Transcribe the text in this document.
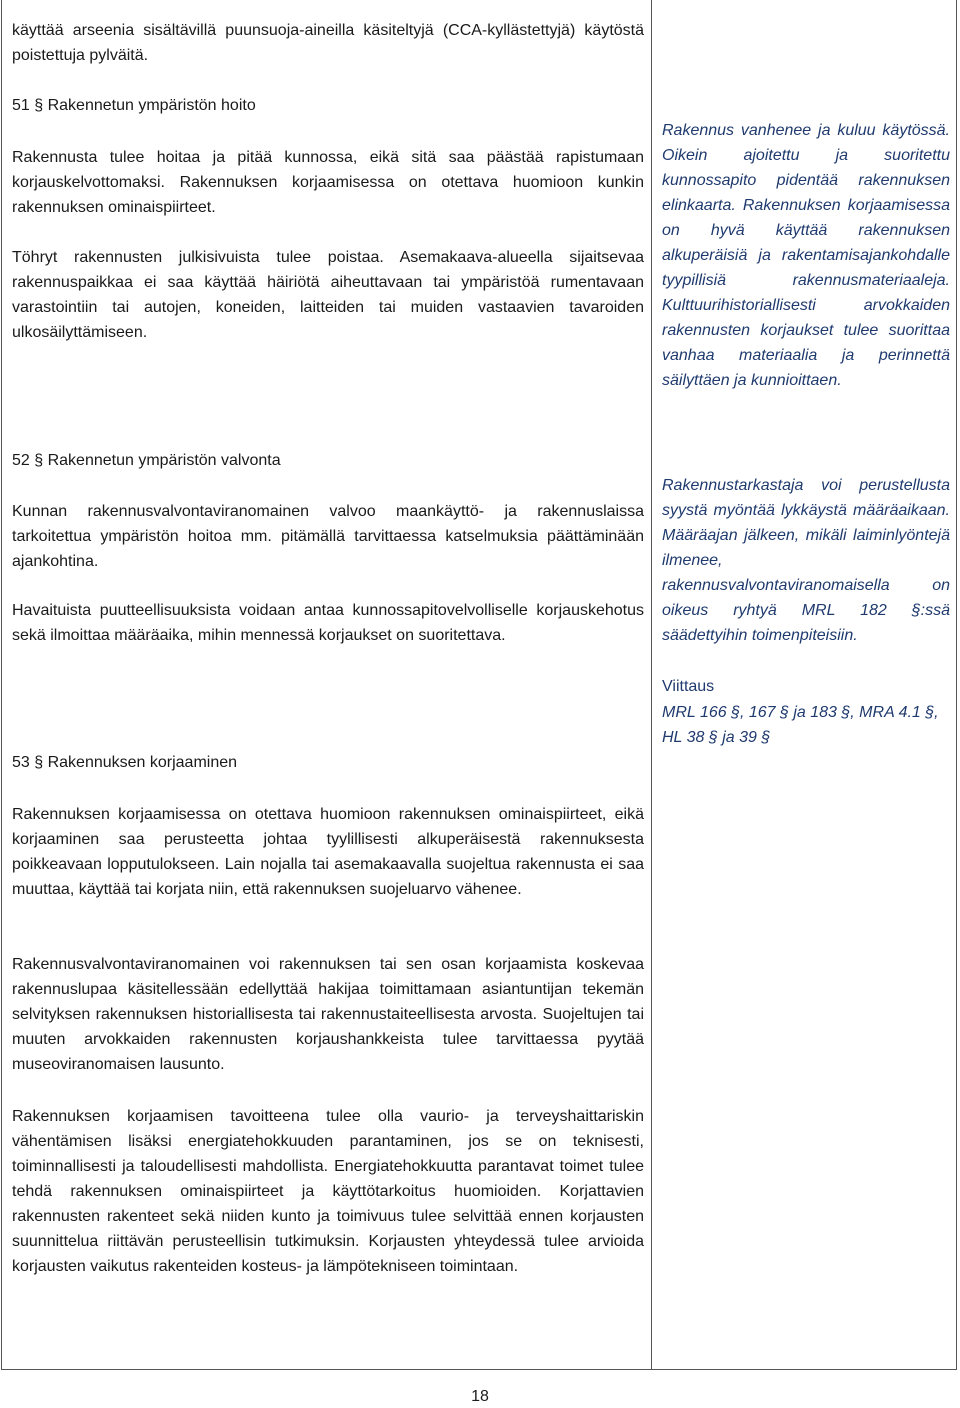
käyttää arseenia sisältävillä puunsuoja-aineilla käsiteltyjä (CCA-kyllästettyjä) käytöstä poistettuja pylväitä.

51 § Rakennetun ympäristön hoito

Rakennusta tulee hoitaa ja pitää kunnossa, eikä sitä saa päästää rapistumaan korjauskelvottomaksi. Rakennuksen korjaamisessa on otettava huomioon kunkin rakennuksen ominaispiirteet.

Töhryt rakennusten julkisivuista tulee poistaa. Asemakaava-alueella sijaitsevaa rakennuspaikkaa ei saa käyttää häiriötä aiheuttavaan tai ympäristöä rumentavaan varastointiin tai autojen, koneiden, laitteiden tai muiden vastaavien tavaroiden ulkosäilyttämiseen.

52 § Rakennetun ympäristön valvonta

Kunnan rakennusvalvontaviranomainen valvoo maankäyttö- ja rakennuslaissa tarkoitettua ympäristön hoitoa mm. pitämällä tarvittaessa katselmuksia päättäminään ajankohtina.

Havaituista puutteellisuuksista voidaan antaa kunnossapitovelvolliselle korjauskehotus sekä ilmoittaa määräaika, mihin mennessä korjaukset on suoritettava.

53 § Rakennuksen korjaaminen

Rakennuksen korjaamisessa on otettava huomioon rakennuksen ominaispiirteet, eikä korjaaminen saa perusteetta johtaa tyylillisesti alkuperäisestä rakennuksesta poikkeavaan lopputulokseen. Lain nojalla tai asemakaavalla suojeltua rakennusta ei saa muuttaa, käyttää tai korjata niin, että rakennuksen suojeluarvo vähenee.

Rakennusvalvontaviranomainen voi rakennuksen tai sen osan korjaamista koskevaa rakennuslupaa käsitellessään edellyttää hakijaa toimittamaan asiantuntijan tekemän selvityksen rakennuksen historiallisesta tai rakennustaiteellisesta arvosta. Suojeltujen tai muuten arvokkaiden rakennusten korjaushankkeista tulee tarvittaessa pyytää museoviranomaisen lausunto.

Rakennuksen korjaamisen tavoitteena tulee olla vaurio- ja terveyshaittariskin vähentämisen lisäksi energiatehokkuuden parantaminen, jos se on teknisesti, toiminnallisesti ja taloudellisesti mahdollista. Energiatehokkuutta parantavat toimet tulee tehdä rakennuksen ominaispiirteet ja käyttötarkoitus huomioiden. Korjattavien rakennusten rakenteet sekä niiden kunto ja toimivuus tulee selvittää ennen korjausten suunnittelua riittävän perusteellisin tutkimuksin. Korjausten yhteydessä tulee arvioida korjausten vaikutus rakenteiden kosteus- ja lämpötekniseen toimintaan.

Rakennus vanhenee ja kuluu käytössä. Oikein ajoitettu ja suoritettu kunnossapito pidentää rakennuksen elinkaarta. Rakennuksen korjaamisessa on hyvä käyttää rakennuksen alkuperäisiä ja rakentamisajankohdalle tyypillisiä rakennusmateriaaleja. Kulttuurihistoriallisesti arvokkaiden rakennusten korjaukset tulee suorittaa vanhaa materiaalia ja perinnettä säilyttäen ja kunnioittaen.

Rakennustarkastaja voi perustellusta syystä myöntää lykkäystä määräaikaan. Määräajan jälkeen, mikäli laiminlyöntejä ilmenee, rakennusvalvontaviranomaisella on oikeus ryhtyä MRL 182 §:ssä säädettyihin toimenpiteisiin.

Viittaus

MRL 166 §, 167 § ja 183 §, MRA 4.1 §, HL 38 § ja 39 §

18
